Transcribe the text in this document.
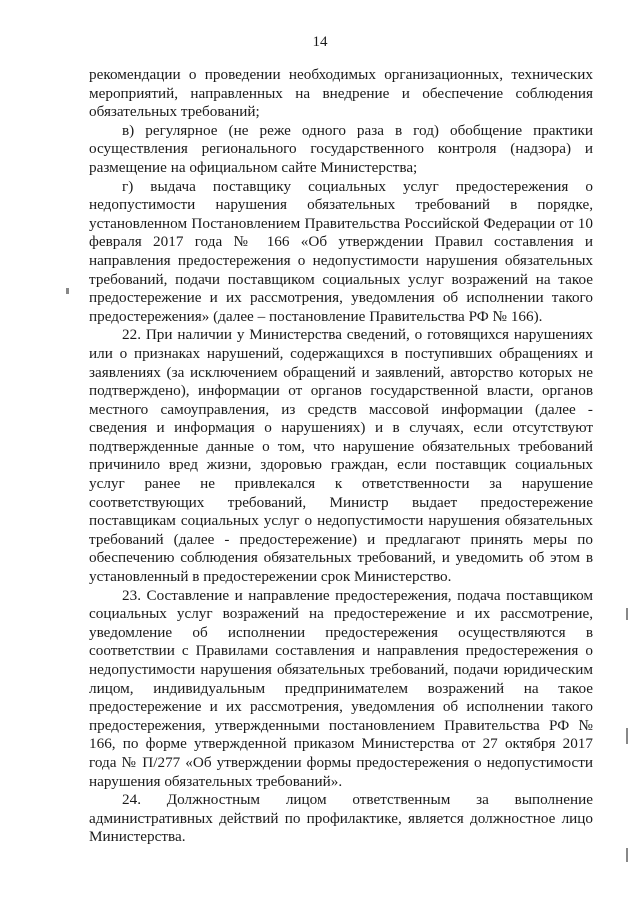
14

рекомендации о проведении необходимых организационных, технических мероприятий, направленных на внедрение и обеспечение соблюдения обязательных требований;

в) регулярное (не реже одного раза в год) обобщение практики осуществления регионального государственного контроля (надзора) и размещение на официальном сайте Министерства;

г) выдача поставщику социальных услуг предостережения о недопустимости нарушения обязательных требований в порядке, установленном Постановлением Правительства Российской Федерации от 10 февраля 2017 года № 166 «Об утверждении Правил составления и направления предостережения о недопустимости нарушения обязательных требований, подачи поставщиком социальных услуг возражений на такое предостережение и их рассмотрения, уведомления об исполнении такого предостережения» (далее – постановление Правительства РФ № 166).

22. При наличии у Министерства сведений, о готовящихся нарушениях или о признаках нарушений, содержащихся в поступивших обращениях и заявлениях (за исключением обращений и заявлений, авторство которых не подтверждено), информации от органов государственной власти, органов местного самоуправления, из средств массовой информации (далее - сведения и информация о нарушениях) и в случаях, если отсутствуют подтвержденные данные о том, что нарушение обязательных требований причинило вред жизни, здоровью граждан, если поставщик социальных услуг ранее не привлекался к ответственности за нарушение соответствующих требований, Министр выдает предостережение поставщикам социальных услуг о недопустимости нарушения обязательных требований (далее - предостережение) и предлагают принять меры по обеспечению соблюдения обязательных требований, и уведомить об этом в установленный в предостережении срок Министерство.

23. Составление и направление предостережения, подача поставщиком социальных услуг возражений на предостережение и их рассмотрение, уведомление об исполнении предостережения осуществляются в соответствии с Правилами составления и направления предостережения о недопустимости нарушения обязательных требований, подачи юридическим лицом, индивидуальным предпринимателем возражений на такое предостережение и их рассмотрения, уведомления об исполнении такого предостережения, утвержденными постановлением Правительства РФ № 166, по форме утвержденной приказом Министерства от 27 октября 2017 года № П/277 «Об утверждении формы предостережения о недопустимости нарушения обязательных требований».

24. Должностным лицом ответственным за выполнение административных действий по профилактике, является должностное лицо Министерства.
